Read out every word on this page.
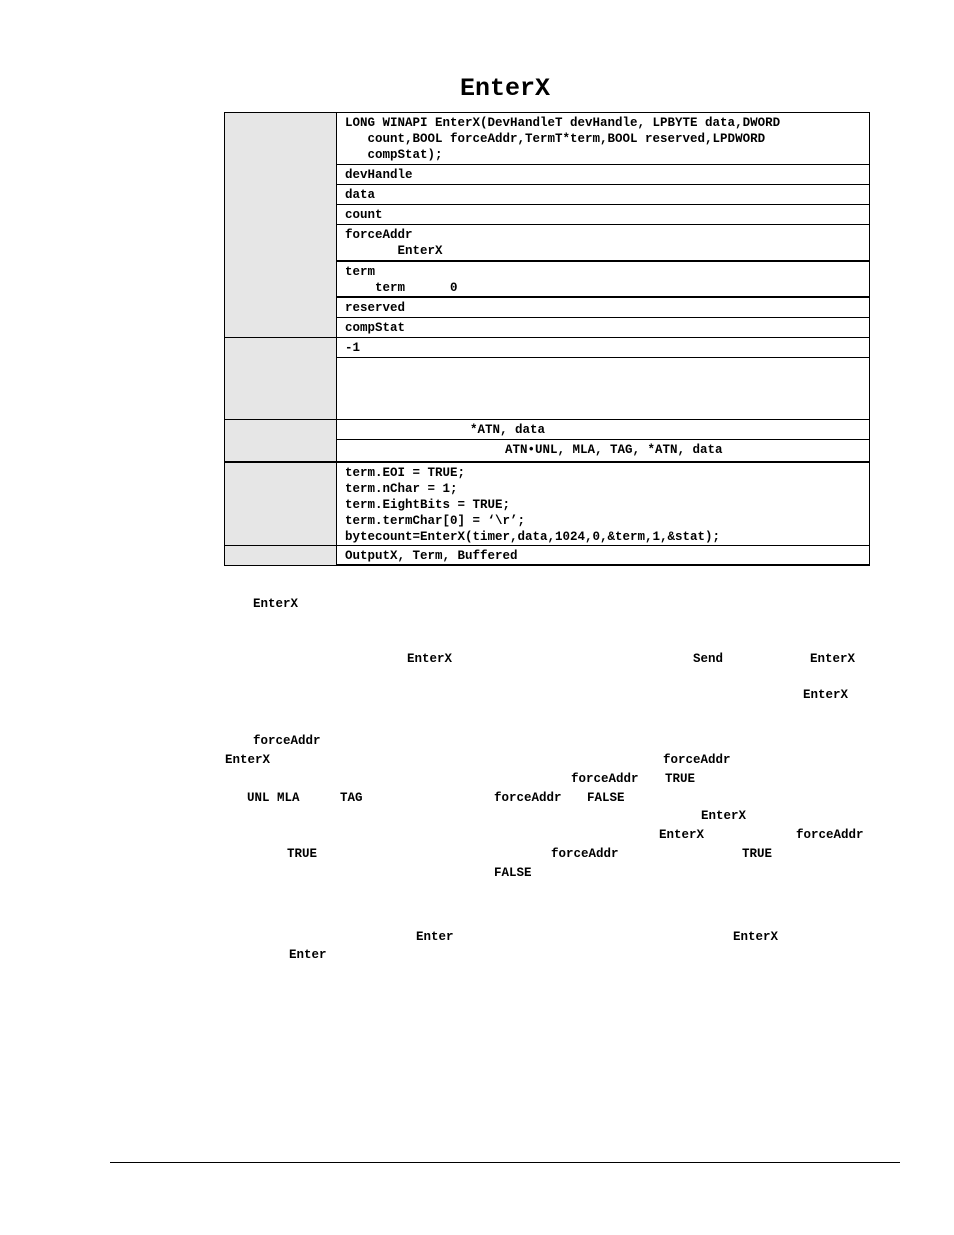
EnterX
LONG WINAPI EnterX(DevHandleT devHandle, LPBYTE data,DWORD
count,BOOL forceAddr,TermT*term,BOOL reserved,LPDWORD
compStat);
devHandle
data
count
forceAddr
EnterX
term
term      0
reserved
compStat
-1
*ATN, data
ATN•UNL, MLA, TAG, *ATN, data
term.EOI = TRUE;
term.nChar = 1;
term.EightBits = TRUE;
term.termChar[0] = ‘\r’;
bytecount=EnterX(timer,data,1024,0,&term,1,&stat);
OutputX, Term, Buffered
EnterX
EnterX	Send	EnterX
EnterX
forceAddr
EnterX	forceAddr
forceAddr TRUE
UNL MLA	TAG	forceAddr FALSE
EnterX
EnterX	forceAddr
TRUE	forceAddr	TRUE
FALSE
Enter	EnterX
Enter
